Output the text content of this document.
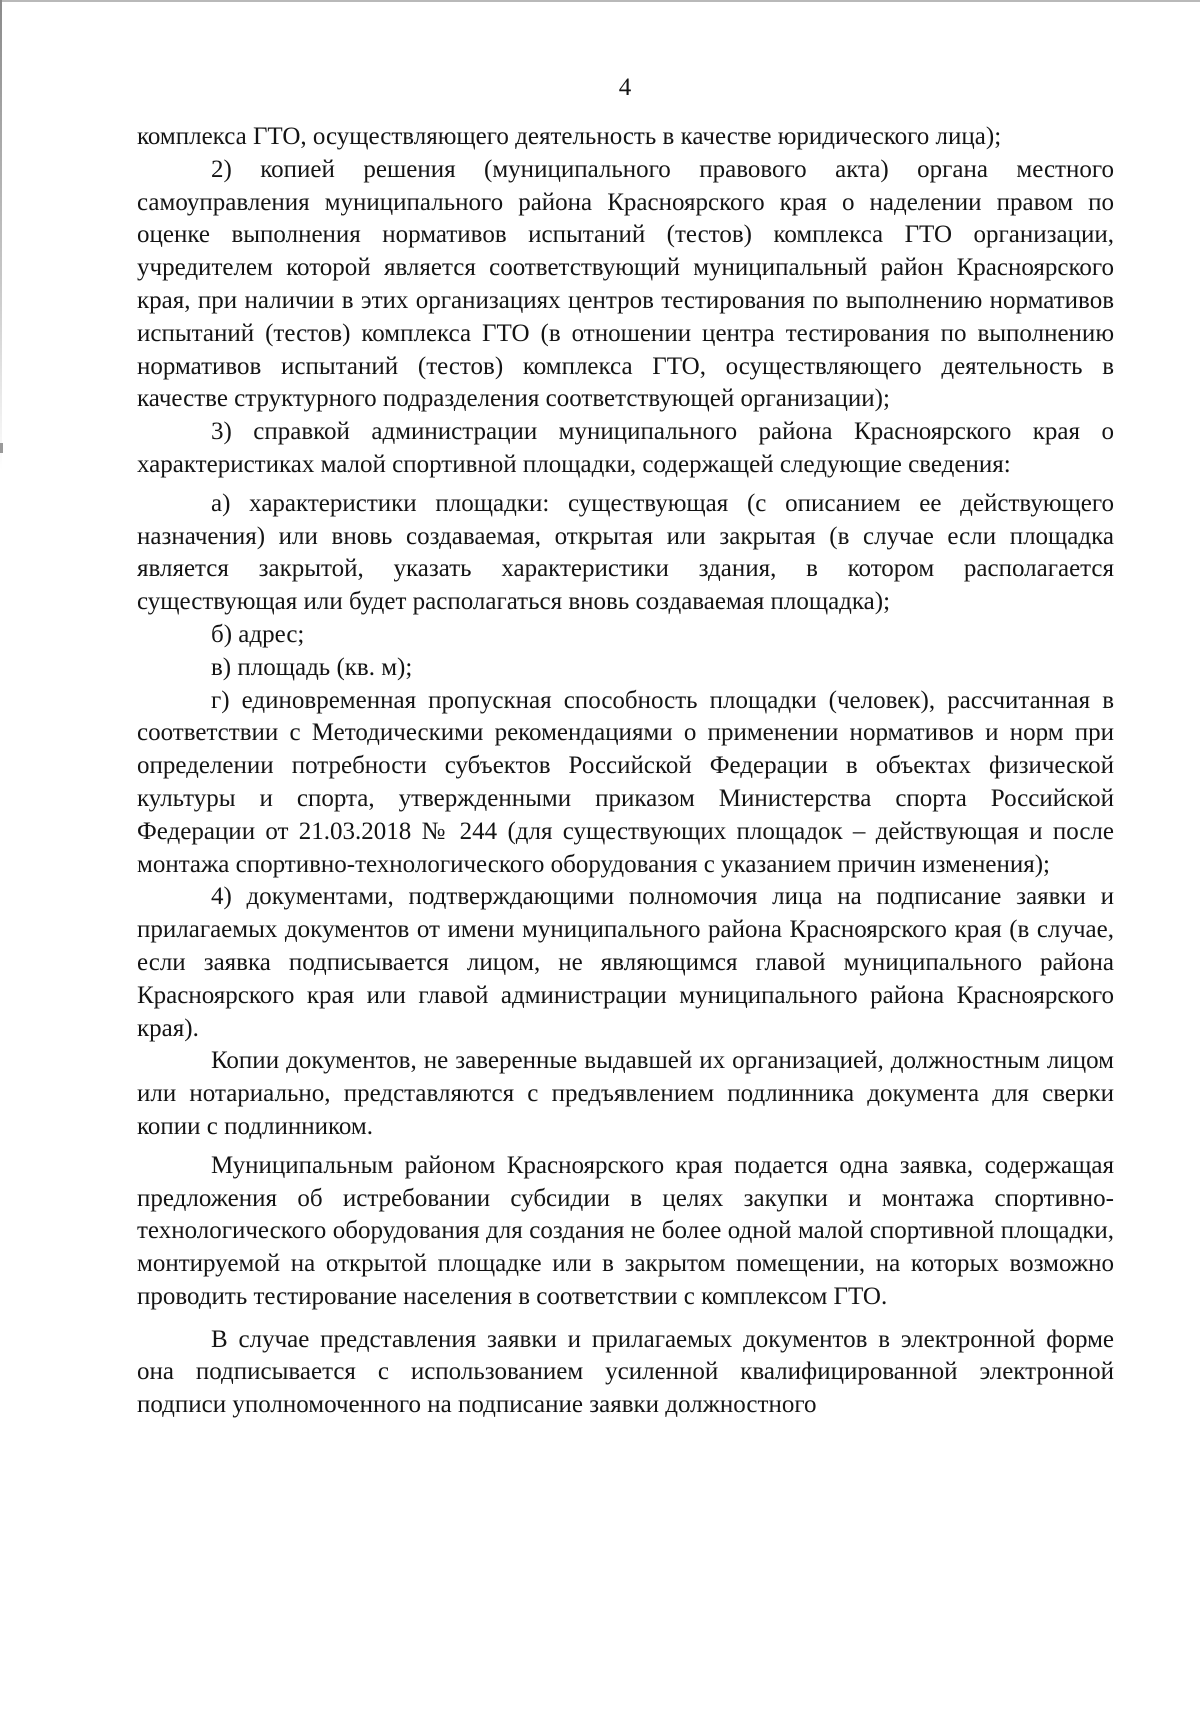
4

комплекса ГТО, осуществляющего деятельность в качестве юридического лица);

2) копией решения (муниципального правового акта) органа местного самоуправления муниципального района Красноярского края о наделении правом по оценке выполнения нормативов испытаний (тестов) комплекса ГТО организации, учредителем которой является соответствующий муниципальный район Красноярского края, при наличии в этих организациях центров тестирования по выполнению нормативов испытаний (тестов) комплекса ГТО (в отношении центра тестирования по выполнению нормативов испытаний (тестов) комплекса ГТО, осуществляющего деятельность в качестве структурного подразделения соответствующей организации);

3) справкой администрации муниципального района Красноярского края о характеристиках малой спортивной площадки, содержащей следующие сведения:

а) характеристики площадки: существующая (с описанием ее действующего назначения) или вновь создаваемая, открытая или закрытая (в случае если площадка является закрытой, указать характеристики здания, в котором располагается существующая или будет располагаться вновь создаваемая площадка);

б) адрес;

в) площадь (кв. м);

г) единовременная пропускная способность площадки (человек), рассчитанная в соответствии с Методическими рекомендациями о применении нормативов и норм при определении потребности субъектов Российской Федерации в объектах физической культуры и спорта, утвержденными приказом Министерства спорта Российской Федерации от 21.03.2018 № 244 (для существующих площадок – действующая и после монтажа спортивно-технологического оборудования с указанием причин изменения);

4) документами, подтверждающими полномочия лица на подписание заявки и прилагаемых документов от имени муниципального района Красноярского края (в случае, если заявка подписывается лицом, не являющимся главой муниципального района Красноярского края или главой администрации муниципального района Красноярского края).

Копии документов, не заверенные выдавшей их организацией, должностным лицом или нотариально, представляются с предъявлением подлинника документа для сверки копии с подлинником.

Муниципальным районом Красноярского края подается одна заявка, содержащая предложения об истребовании субсидии в целях закупки и монтажа спортивно-технологического оборудования для создания не более одной малой спортивной площадки, монтируемой на открытой площадке или в закрытом помещении, на которых возможно проводить тестирование населения в соответствии с комплексом ГТО.

В случае представления заявки и прилагаемых документов в электронной форме она подписывается с использованием усиленной квалифицированной электронной подписи уполномоченного на подписание заявки должностного
